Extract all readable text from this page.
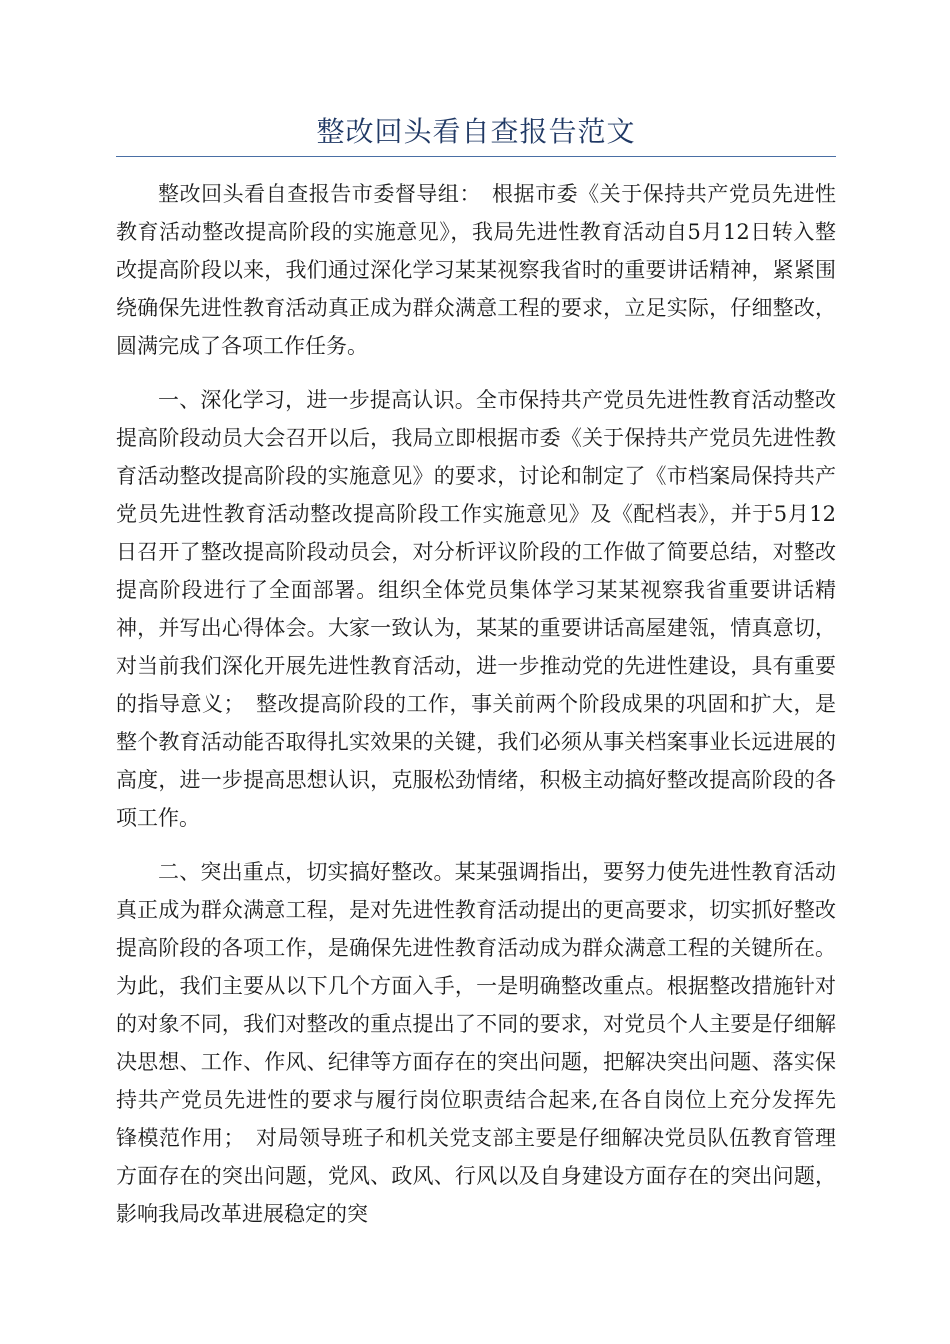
整改回头看自查报告范文

整改回头看自查报告市委督导组：　根据市委《关于保持共产党员先进性教育活动整改提高阶段的实施意见》，我局先进性教育活动自5月12日转入整改提高阶段以来，我们通过深化学习某某视察我省时的重要讲话精神，紧紧围绕确保先进性教育活动真正成为群众满意工程的要求，立足实际，仔细整改，圆满完成了各项工作任务。

一、深化学习，进一步提高认识。全市保持共产党员先进性教育活动整改提高阶段动员大会召开以后，我局立即根据市委《关于保持共产党员先进性教育活动整改提高阶段的实施意见》的要求，讨论和制定了《市档案局保持共产党员先进性教育活动整改提高阶段工作实施意见》及《配档表》，并于5月12日召开了整改提高阶段动员会，对分析评议阶段的工作做了简要总结，对整改提高阶段进行了全面部署。组织全体党员集体学习某某视察我省重要讲话精神，并写出心得体会。大家一致认为，某某的重要讲话高屋建瓴，情真意切，对当前我们深化开展先进性教育活动，进一步推动党的先进性建设，具有重要的指导意义；　整改提高阶段的工作，事关前两个阶段成果的巩固和扩大，是整个教育活动能否取得扎实效果的关键，我们必须从事关档案事业长远进展的高度，进一步提高思想认识，克服松劲情绪，积极主动搞好整改提高阶段的各项工作。

二、突出重点，切实搞好整改。某某强调指出，要努力使先进性教育活动真正成为群众满意工程，是对先进性教育活动提出的更高要求，切实抓好整改提高阶段的各项工作，是确保先进性教育活动成为群众满意工程的关键所在。为此，我们主要从以下几个方面入手，一是明确整改重点。根据整改措施针对的对象不同，我们对整改的重点提出了不同的要求，对党员个人主要是仔细解决思想、工作、作风、纪律等方面存在的突出问题，把解决突出问题、落实保持共产党员先进性的要求与履行岗位职责结合起来,在各自岗位上充分发挥先锋模范作用；　对局领导班子和机关党支部主要是仔细解决党员队伍教育管理方面存在的突出问题，党风、政风、行风以及自身建设方面存在的突出问题，影响我局改革进展稳定的突
